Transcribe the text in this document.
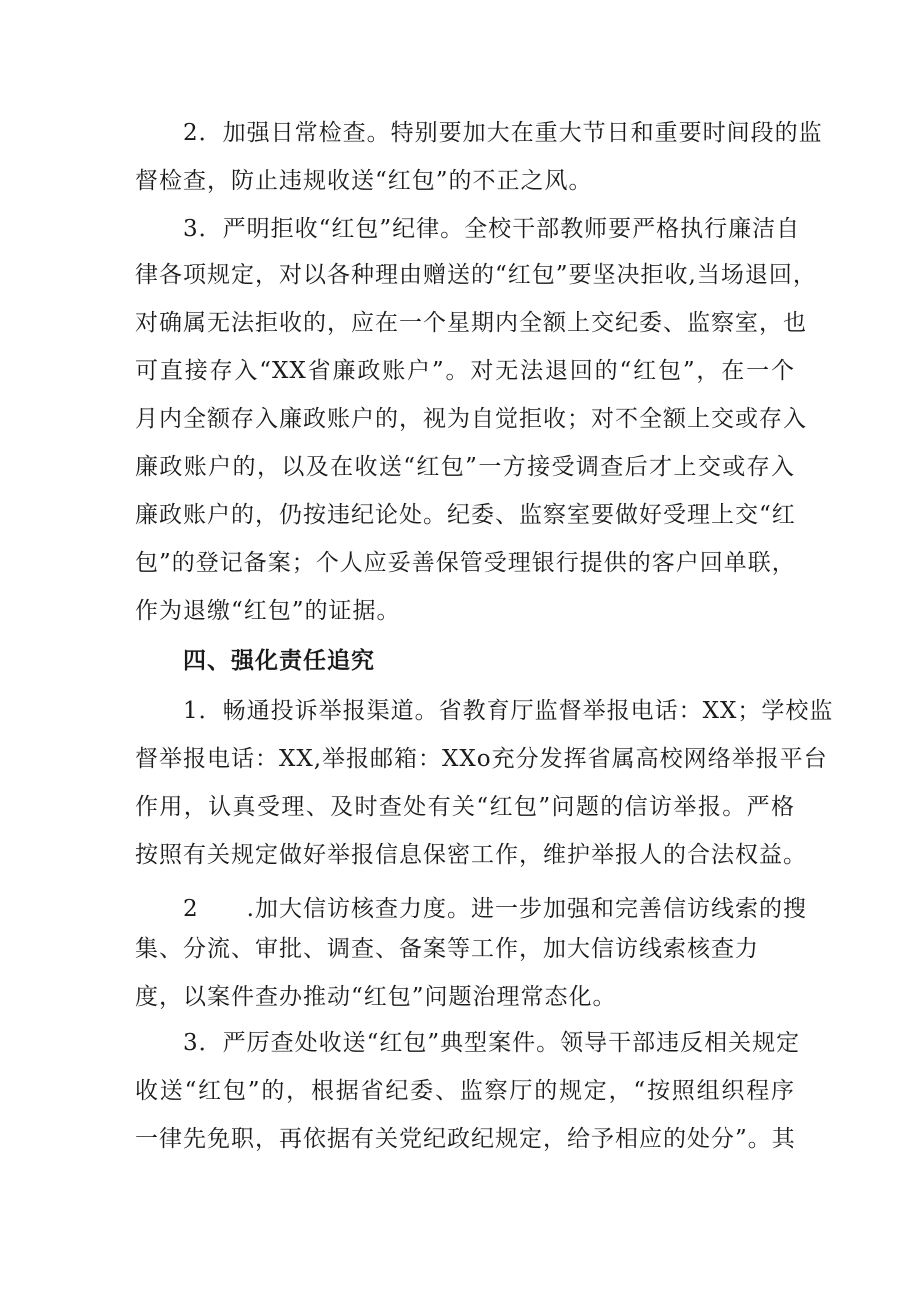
2．加强日常检查。特别要加大在重大节日和重要时间段的监
督检查，防止违规收送“红包”的不正之风。
3．严明拒收“红包”纪律。全校干部教师要严格执行廉洁自
律各项规定，对以各种理由赠送的“红包”要坚决拒收,当场退回，
对确属无法拒收的，应在一个星期内全额上交纪委、监察室，也
可直接存入“XX省廉政账户”。对无法退回的“红包”，在一个
月内全额存入廉政账户的，视为自觉拒收；对不全额上交或存入
廉政账户的，以及在收送“红包”一方接受调查后才上交或存入
廉政账户的，仍按违纪论处。纪委、监察室要做好受理上交“红
包”的登记备案；个人应妥善保管受理银行提供的客户回单联，
作为退缴“红包”的证据。
四、强化责任追究
1．畅通投诉举报渠道。省教育厅监督举报电话：XX；学校监
督举报电话：XX,举报邮箱：XXo充分发挥省属高校网络举报平台
作用，认真受理、及时查处有关“红包”问题的信访举报。严格
按照有关规定做好举报信息保密工作，维护举报人的合法权益。
2　　.加大信访核查力度。进一步加强和完善信访线索的搜
集、分流、审批、调查、备案等工作，加大信访线索核查力
度，以案件查办推动“红包”问题治理常态化。
3．严厉查处收送“红包”典型案件。领导干部违反相关规定
收送“红包”的，根据省纪委、监察厅的规定，“按照组织程序
一律先免职，再依据有关党纪政纪规定，给予相应的处分”。其
